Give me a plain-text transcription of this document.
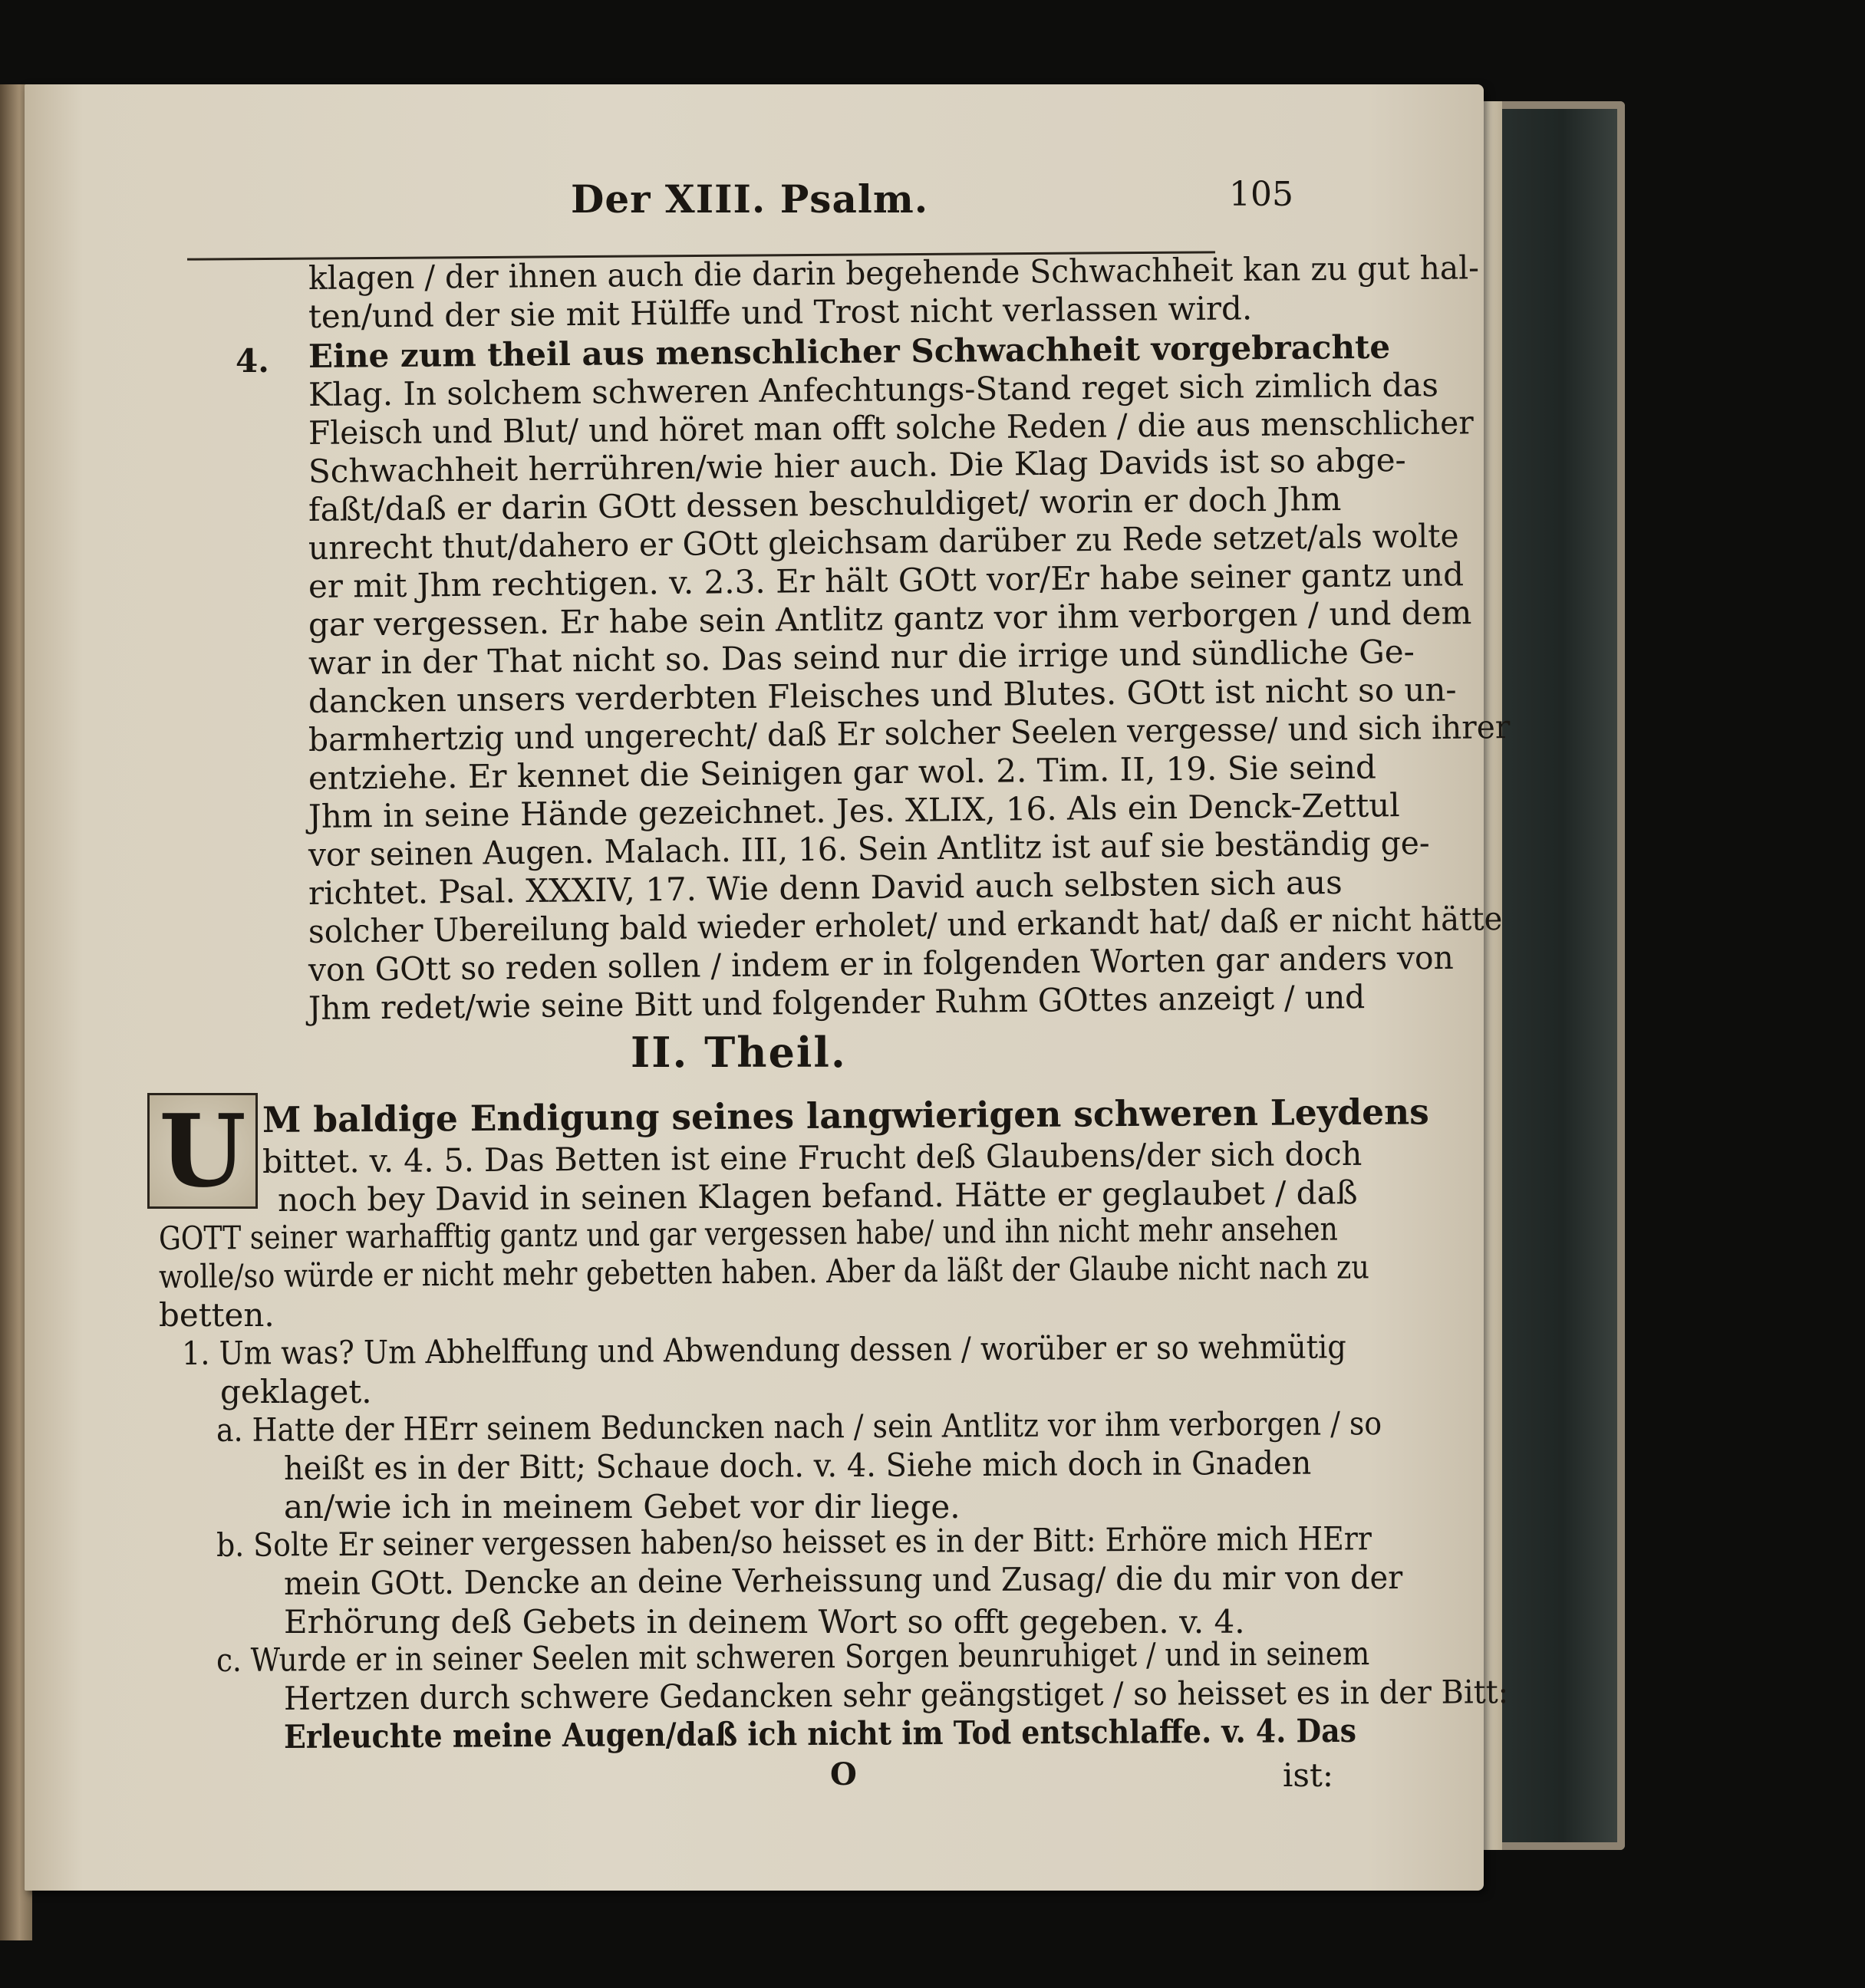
Der XIII. Psalm.	105
klagen / der ihnen auch die darin begehende Schwachheit kan zu gut hal-
ten/und der sie mit Hülffe und Trost nicht verlassen wird.
4. Eine zum theil aus menschlicher Schwachheit vorgebrachte
Klag. In solchem schweren Anfechtungs-Stand reget sich zimlich das
Fleisch und Blut/ und höret man offt solche Reden / die aus menschlicher
Schwachheit herrühren/wie hier auch. Die Klag Davids ist so abge-
faßt/daß er darin GOtt dessen beschuldiget/ worin er doch Jhm
unrecht thut/dahero er GOtt gleichsam darüber zu Rede setzet/als wolte
er mit Jhm rechtigen. v. 2.3. Er hält GOtt vor/Er habe seiner gantz und
gar vergessen. Er habe sein Antlitz gantz vor ihm verborgen / und dem
war in der That nicht so. Das seind nur die irrige und sündliche Ge-
dancken unsers verderbten Fleisches und Blutes. GOtt ist nicht so un-
barmhertzig und ungerecht/ daß Er solcher Seelen vergesse/ und sich ihrer
entziehe. Er kennet die Seinigen gar wol. 2. Tim. II, 19. Sie seind
Jhm in seine Hände gezeichnet. Jes. XLIX, 16. Als ein Denck-Zettul
vor seinen Augen. Malach. III, 16. Sein Antlitz ist auf sie beständig ge-
richtet. Psal. XXXIV, 17. Wie denn David auch selbsten sich aus
solcher Ubereilung bald wieder erholet/ und erkandt hat/ daß er nicht hätte
von GOtt so reden sollen / indem er in folgenden Worten gar anders von
Jhm redet/wie seine Bitt und folgender Ruhm GOttes anzeigt / und
II. Theil.
U M baldige Endigung seines langwierigen schweren Leydens
bittet. v. 4. 5. Das Betten ist eine Frucht deß Glaubens/der sich doch
noch bey David in seinen Klagen befand. Hätte er geglaubet / daß
GOTT seiner warhafftig gantz und gar vergessen habe/ und ihn nicht mehr ansehen
wolle/so würde er nicht mehr gebetten haben. Aber da läßt der Glaube nicht nach zu
betten.
1. Um was? Um Abhelffung und Abwendung dessen / worüber er so wehmütig
geklaget.
a. Hatte der HErr seinem Beduncken nach / sein Antlitz vor ihm verborgen / so
heißt es in der Bitt; Schaue doch. v. 4. Siehe mich doch in Gnaden
an/wie ich in meinem Gebet vor dir liege.
b. Solte Er seiner vergessen haben/so heisset es in der Bitt: Erhöre mich HErr
mein GOtt. Dencke an deine Verheissung und Zusag/ die du mir von der
Erhörung deß Gebets in deinem Wort so offt gegeben. v. 4.
c. Wurde er in seiner Seelen mit schweren Sorgen beunruhiget / und in seinem
Hertzen durch schwere Gedancken sehr geängstiget / so heisset es in der Bitt:
Erleuchte meine Augen/daß ich nicht im Tod entschlaffe. v. 4. Das
O	ist:
